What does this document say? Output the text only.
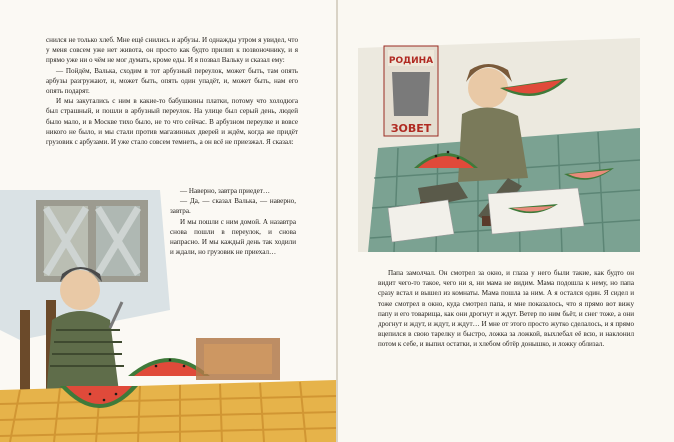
снился не только хлеб. Мне ещё снились и арбузы. И однажды утром я увидел, что у меня совсем уже нет живота, он просто как будто прилип к позвоночнику, и я прямо уже ни о чём не мог думать, кроме еды. И я позвал Вальку и сказал ему:

— Пойдём, Валька, сходим в тот арбузный переулок, может быть, там опять арбузы разгружают, и, может быть, опять один упадёт, и, может быть, нам его опять подарят.

И мы закутались с ним в какие-то бабушкины платки, потому что холодюга был страшный, и пошли в арбузный переулок. На улице был серый день, людей было мало, и в Москве тихо было, не то что сейчас. В арбузном переулке и вовсе никого не было, и мы стали против магазинных дверей и ждём, когда же придёт грузовик с арбузами. И уже стало совсем темнеть, а он всё не приезжал. Я сказал:

— Наверно, завтра приедет…

— Да, — сказал Валька, — наверно, завтра.

И мы пошли с ним домой. А назавтра снова пошли в переулок, и снова напрасно. И мы каждый день так ходили и ждали, но грузовик не приехал…

РОДИНА
ЗОВЕТ

Папа замолчал. Он смотрел за окно, и глаза у него были такие, как будто он видит чего-то такое, чего ни я, ни мама не видим. Мама подошла к нему, но папа сразу встал и вышел из комнаты. Мама пошла за ним. А я остался один. Я сидел и тоже смотрел в окно, куда смотрел папа, и мне показалось, что я прямо вот вижу папу и его товарища, как они дрогнут и ждут. Ветер по ним бьёт, и снег тоже, а они дрогнут и ждут, и ждут, и ждут… И мне от этого просто жутко сделалось, и я прямо вцепился в свою тарелку и быстро, ложка за ложкой, выхлебал её всю, и наклонил потом к себе, и выпил остатки, и хлебом обтёр донышко, и ложку облизал.
